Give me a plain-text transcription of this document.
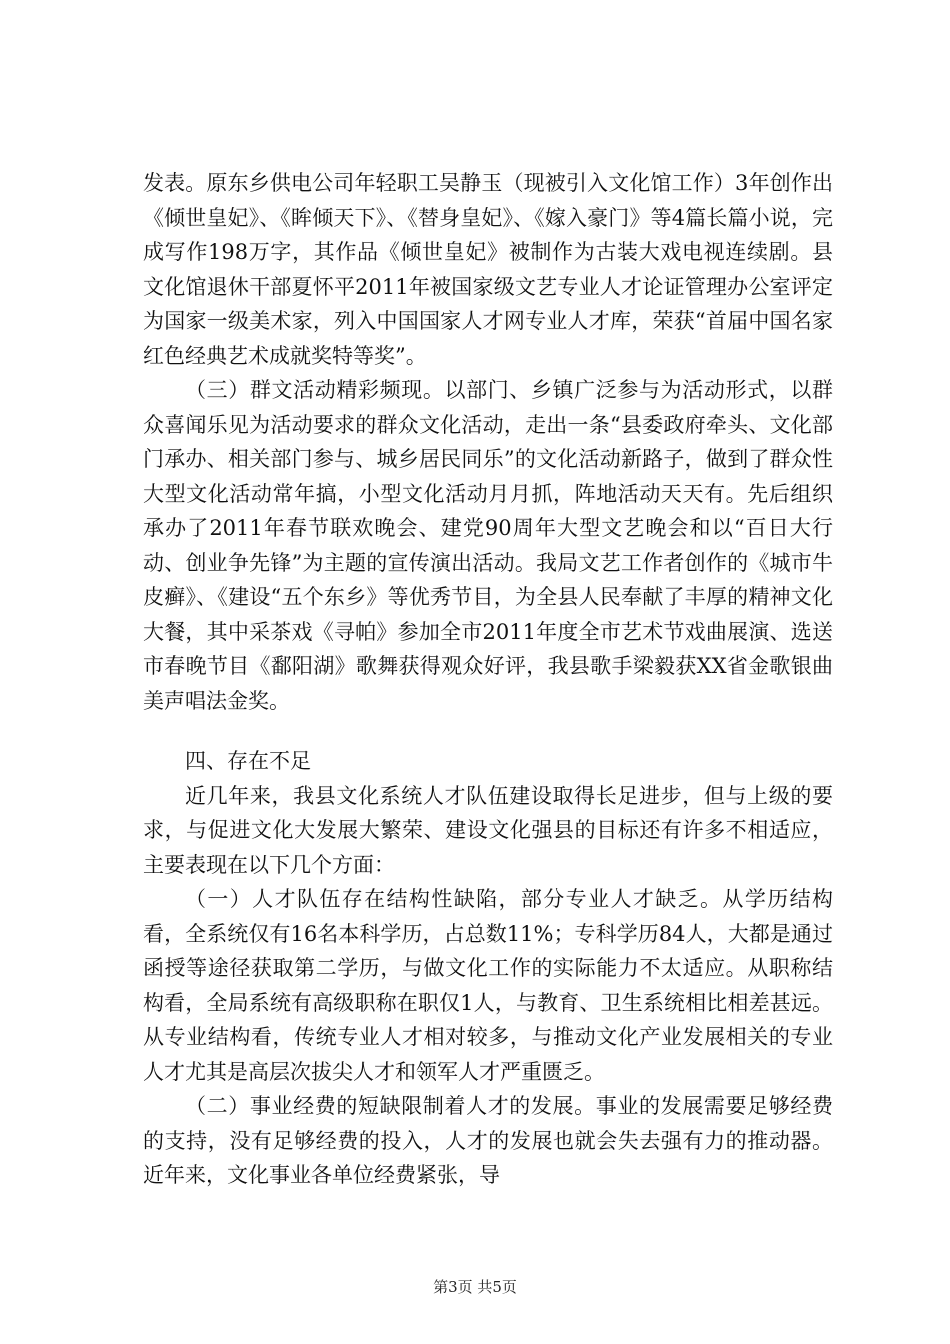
发表。原东乡供电公司年轻职工吴静玉（现被引入文化馆工作）3年创作出《倾世皇妃》、《眸倾天下》、《替身皇妃》、《嫁入豪门》等4篇长篇小说，完成写作198万字，其作品《倾世皇妃》被制作为古装大戏电视连续剧。县文化馆退休干部夏怀平2011年被国家级文艺专业人才论证管理办公室评定为国家一级美术家，列入中国国家人才网专业人才库，荣获“首届中国名家红色经典艺术成就奖特等奖”。

（三）群文活动精彩频现。以部门、乡镇广泛参与为活动形式，以群众喜闻乐见为活动要求的群众文化活动，走出一条“县委政府牵头、文化部门承办、相关部门参与、城乡居民同乐”的文化活动新路子，做到了群众性大型文化活动常年搞，小型文化活动月月抓，阵地活动天天有。先后组织承办了2011年春节联欢晚会、建党90周年大型文艺晚会和以“百日大行动、创业争先锋”为主题的宣传演出活动。我局文艺工作者创作的《城市牛皮癣》、《建设“五个东乡》等优秀节目，为全县人民奉献了丰厚的精神文化大餐，其中采茶戏《寻帕》参加全市2011年度全市艺术节戏曲展演、选送市春晚节目《鄱阳湖》歌舞获得观众好评，我县歌手梁毅获XX省金歌银曲美声唱法金奖。

四、存在不足

近几年来，我县文化系统人才队伍建设取得长足进步，但与上级的要求，与促进文化大发展大繁荣、建设文化强县的目标还有许多不相适应，主要表现在以下几个方面：

（一）人才队伍存在结构性缺陷，部分专业人才缺乏。从学历结构看，全系统仅有16名本科学历，占总数11%；专科学历84人，大都是通过函授等途径获取第二学历，与做文化工作的实际能力不太适应。从职称结构看，全局系统有高级职称在职仅1人，与教育、卫生系统相比相差甚远。从专业结构看，传统专业人才相对较多，与推动文化产业发展相关的专业人才尤其是高层次拔尖人才和领军人才严重匮乏。

（二）事业经费的短缺限制着人才的发展。事业的发展需要足够经费的支持，没有足够经费的投入，人才的发展也就会失去强有力的推动器。近年来，文化事业各单位经费紧张，导

第3页 共5页
